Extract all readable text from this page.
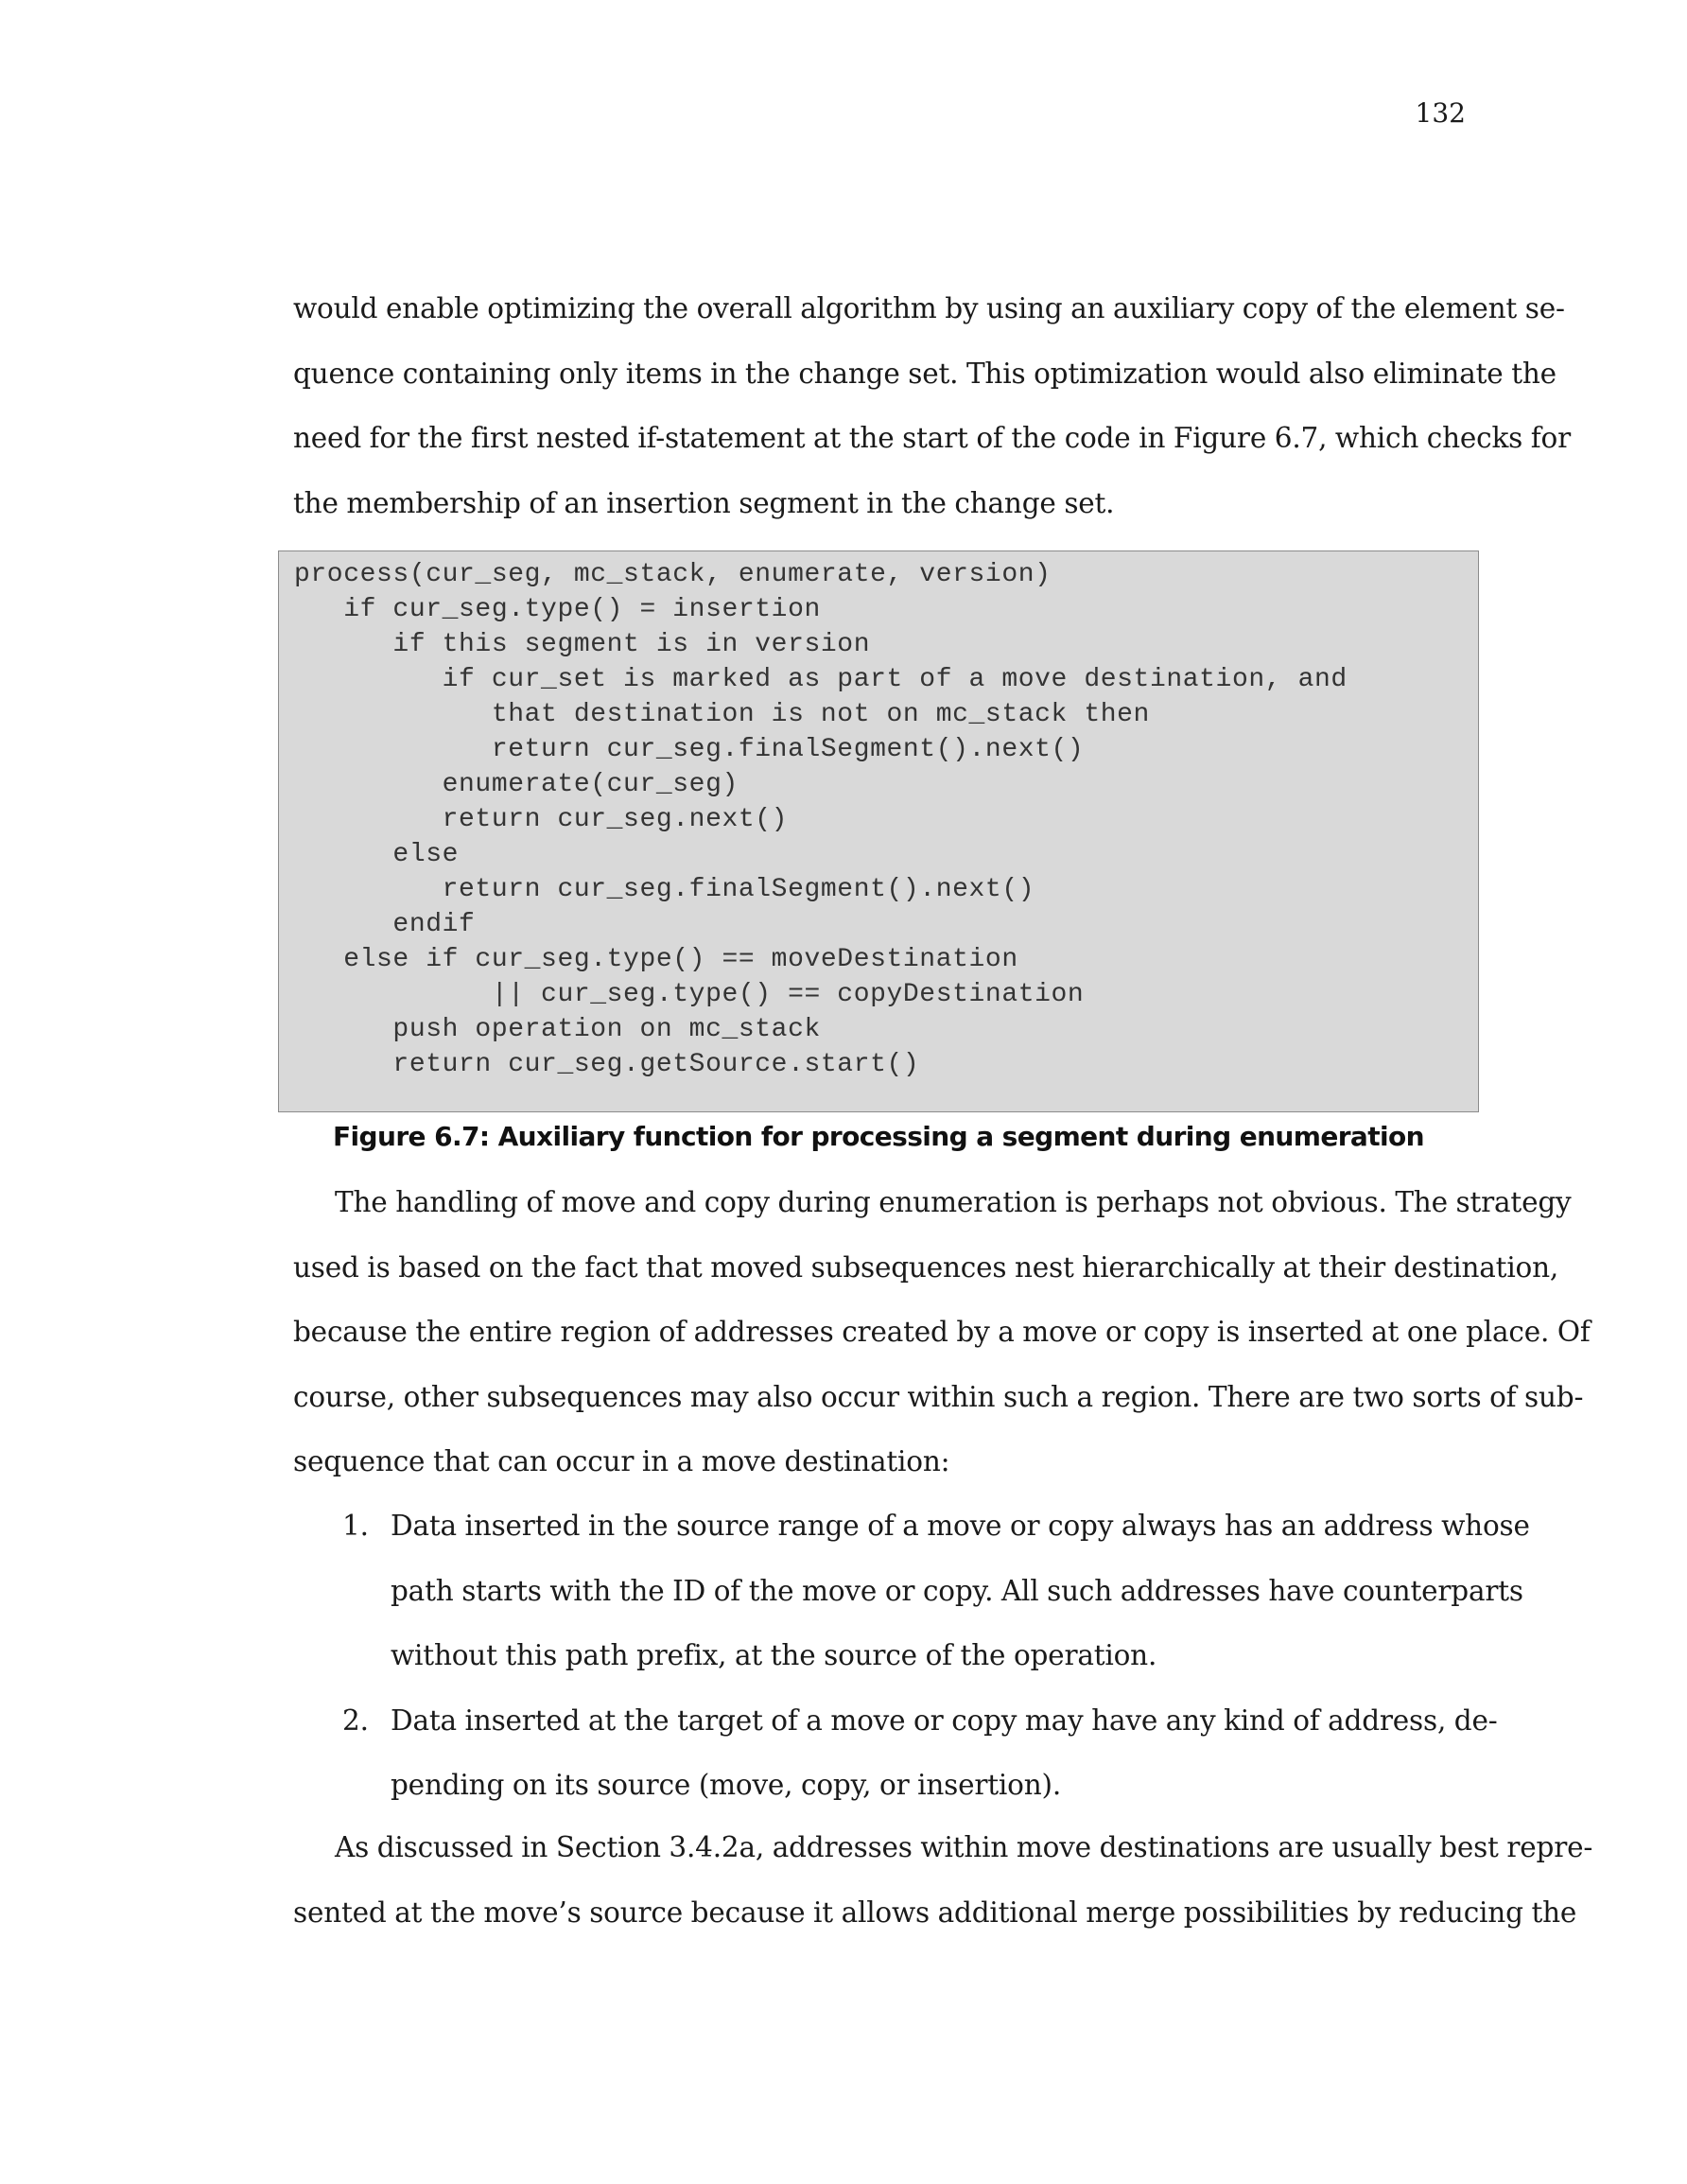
132

would enable optimizing the overall algorithm by using an auxiliary copy of the element se-
quence containing only items in the change set. This optimization would also eliminate the
need for the first nested if-statement at the start of the code in Figure 6.7, which checks for
the membership of an insertion segment in the change set.

process(cur_seg, mc_stack, enumerate, version)
if cur_seg.type() = insertion
if this segment is in version
if cur_set is marked as part of a move destination, and
that destination is not on mc_stack then
return cur_seg.finalSegment().next()
enumerate(cur_seg)
return cur_seg.next()
else
return cur_seg.finalSegment().next()
endif
else if cur_seg.type() == moveDestination
|| cur_seg.type() == copyDestination
push operation on mc_stack
return cur_seg.getSource.start()
Figure 6.7: Auxiliary function for processing a segment during enumeration

The handling of move and copy during enumeration is perhaps not obvious. The strategy
used is based on the fact that moved subsequences nest hierarchically at their destination,
because the entire region of addresses created by a move or copy is inserted at one place. Of
course, other subsequences may also occur within such a region. There are two sorts of sub-
sequence that can occur in a move destination:

1. Data inserted in the source range of a move or copy always has an address whose
path starts with the ID of the move or copy. All such addresses have counterparts
without this path prefix, at the source of the operation.
2. Data inserted at the target of a move or copy may have any kind of address, de-
pending on its source (move, copy, or insertion).

As discussed in Section 3.4.2a, addresses within move destinations are usually best repre-
sented at the move’s source because it allows additional merge possibilities by reducing the
